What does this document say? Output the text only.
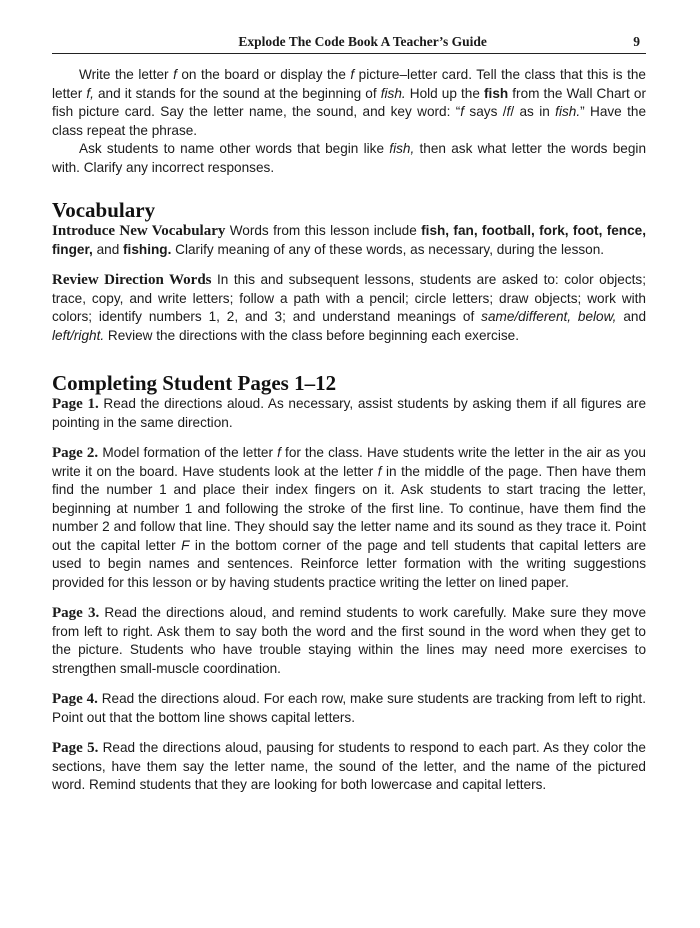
Explode The Code Book A Teacher’s Guide	9

Write the letter f on the board or display the f picture–letter card. Tell the class that this is the letter f, and it stands for the sound at the beginning of fish. Hold up the fish from the Wall Chart or fish picture card. Say the letter name, the sound, and key word: “f says /f/ as in fish.” Have the class repeat the phrase.

Ask students to name other words that begin like fish, then ask what letter the words begin with. Clarify any incorrect responses.

Vocabulary

Introduce New Vocabulary Words from this lesson include fish, fan, football, fork, foot, fence, finger, and fishing. Clarify meaning of any of these words, as necessary, during the lesson.

Review Direction Words In this and subsequent lessons, students are asked to: color objects; trace, copy, and write letters; follow a path with a pencil; circle letters; draw objects; work with colors; identify numbers 1, 2, and 3; and understand meanings of same/different, below, and left/right. Review the directions with the class before beginning each exercise.

Completing Student Pages 1–12

Page 1. Read the directions aloud. As necessary, assist students by asking them if all figures are pointing in the same direction.

Page 2. Model formation of the letter f for the class. Have students write the letter in the air as you write it on the board. Have students look at the letter f in the middle of the page. Then have them find the number 1 and place their index fingers on it. Ask students to start tracing the letter, beginning at number 1 and following the stroke of the first line. To continue, have them find the number 2 and follow that line. They should say the letter name and its sound as they trace it. Point out the capital letter F in the bottom corner of the page and tell students that capital letters are used to begin names and sentences. Reinforce letter formation with the writing suggestions provided for this lesson or by having students practice writing the letter on lined paper.

Page 3. Read the directions aloud, and remind students to work carefully. Make sure they move from left to right. Ask them to say both the word and the first sound in the word when they get to the picture. Students who have trouble staying within the lines may need more exercises to strengthen small-muscle coordination.

Page 4. Read the directions aloud. For each row, make sure students are tracking from left to right. Point out that the bottom line shows capital letters.

Page 5. Read the directions aloud, pausing for students to respond to each part. As they color the sections, have them say the letter name, the sound of the letter, and the name of the pictured word. Remind students that they are looking for both lowercase and capital letters.
